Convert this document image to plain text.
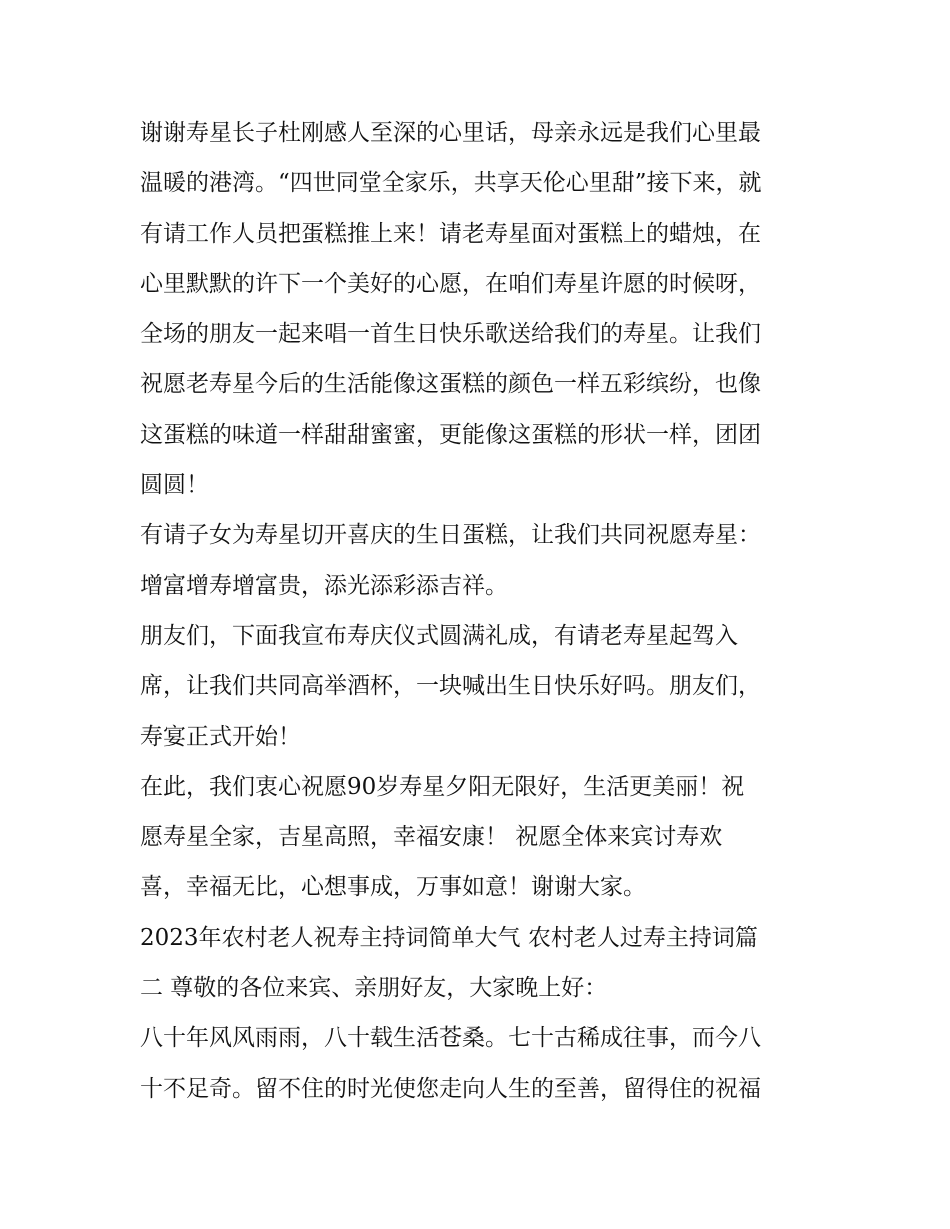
谢谢寿星长子杜刚感人至深的心里话，母亲永远是我们心里最
温暖的港湾。“四世同堂全家乐，共享天伦心里甜”接下来，就
有请工作人员把蛋糕推上来！请老寿星面对蛋糕上的蜡烛，在
心里默默的许下一个美好的心愿，在咱们寿星许愿的时候呀，
全场的朋友一起来唱一首生日快乐歌送给我们的寿星。让我们
祝愿老寿星今后的生活能像这蛋糕的颜色一样五彩缤纷，也像
这蛋糕的味道一样甜甜蜜蜜，更能像这蛋糕的形状一样，团团
圆圆！
有请子女为寿星切开喜庆的生日蛋糕，让我们共同祝愿寿星：
增富增寿增富贵，添光添彩添吉祥。
朋友们，下面我宣布寿庆仪式圆满礼成，有请老寿星起驾入
席，让我们共同高举酒杯，一块喊出生日快乐好吗。朋友们，
寿宴正式开始！
在此，我们衷心祝愿90岁寿星夕阳无限好，生活更美丽！祝
愿寿星全家，吉星高照，幸福安康！ 祝愿全体来宾讨寿欢
喜，幸福无比，心想事成，万事如意！谢谢大家。
2023年农村老人祝寿主持词简单大气 农村老人过寿主持词篇
二 尊敬的各位来宾、亲朋好友，大家晚上好：
八十年风风雨雨，八十载生活苍桑。七十古稀成往事，而今八
十不足奇。留不住的时光使您走向人生的至善，留得住的祝福
